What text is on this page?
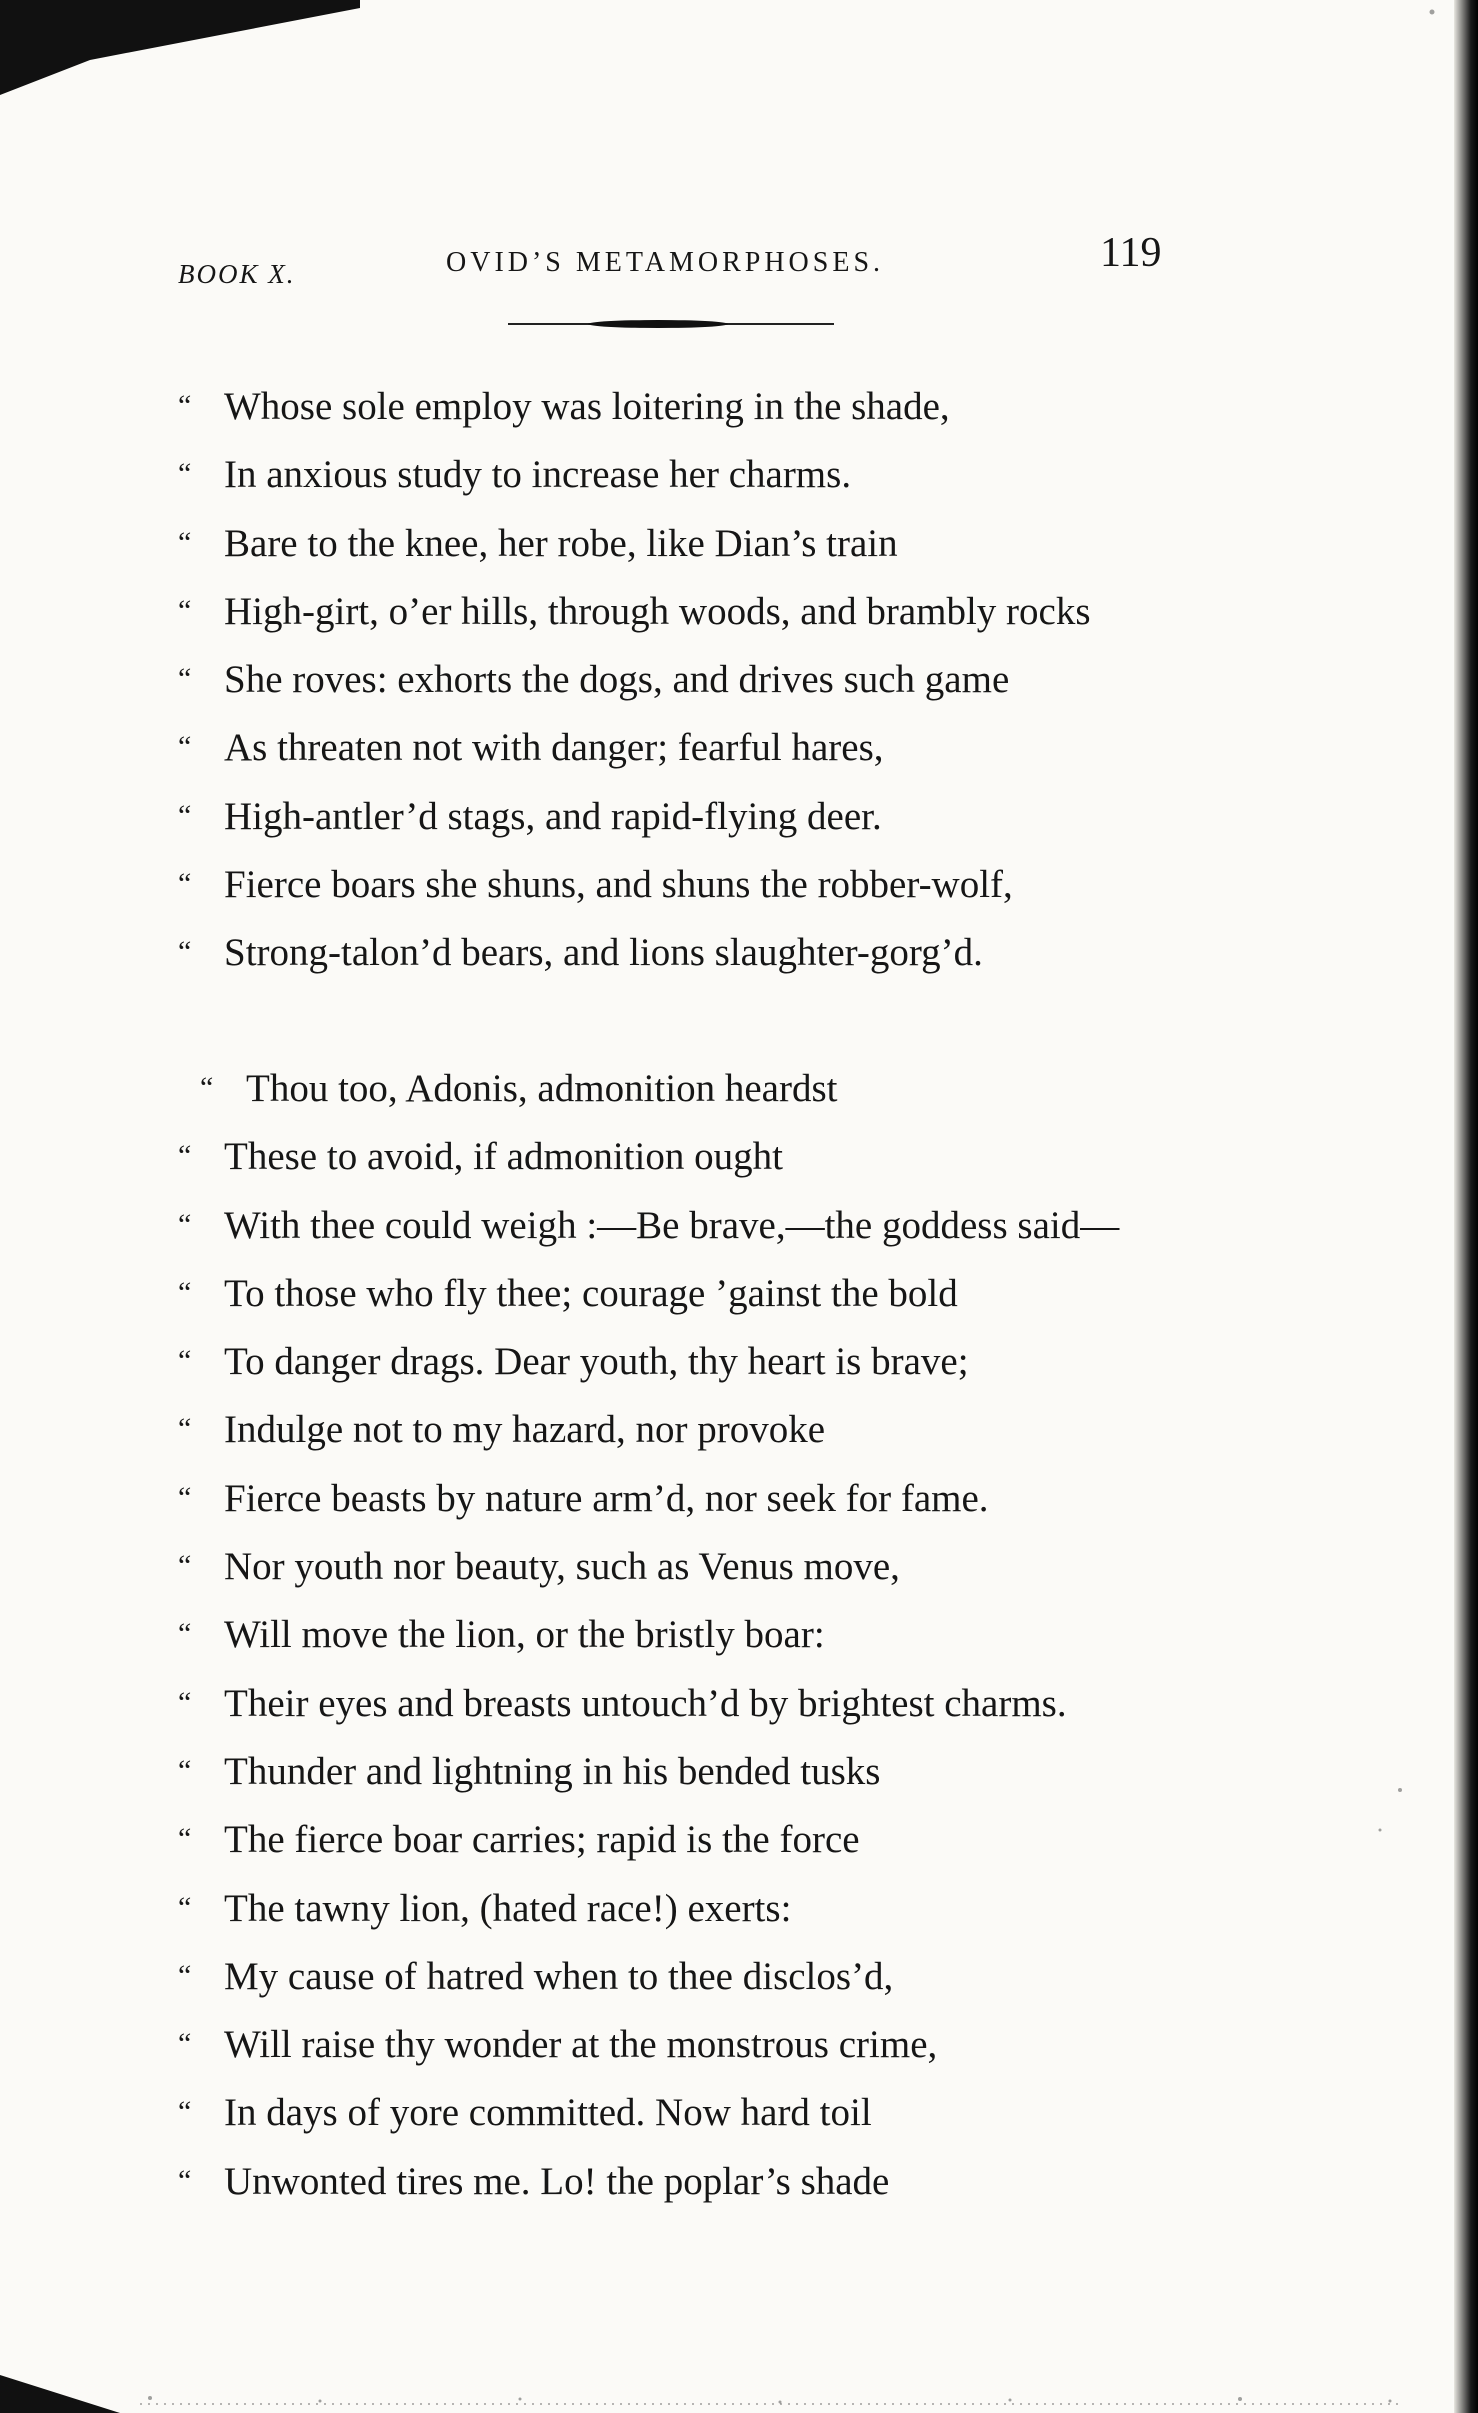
BOOK X.	OVID’S METAMORPHOSES.	119
“ Whose sole employ was loitering in the shade,
“ In anxious study to increase her charms.
“ Bare to the knee, her robe, like Dian’s train
“ High-girt, o’er hills, through woods, and brambly rocks
“ She roves: exhorts the dogs, and drives such game
“ As threaten not with danger; fearful hares,
“ High-antler’d stags, and rapid-flying deer.
“ Fierce boars she shuns, and shuns the robber-wolf,
“ Strong-talon’d bears, and lions slaughter-gorg’d.
“ Thou too, Adonis, admonition heardst
“ These to avoid, if admonition ought
“ With thee could weigh :—Be brave,—the goddess said—
“ To those who fly thee; courage ’gainst the bold
“ To danger drags. Dear youth, thy heart is brave;
“ Indulge not to my hazard, nor provoke
“ Fierce beasts by nature arm’d, nor seek for fame.
“ Nor youth nor beauty, such as Venus move,
“ Will move the lion, or the bristly boar:
“ Their eyes and breasts untouch’d by brightest charms.
“ Thunder and lightning in his bended tusks
“ The fierce boar carries; rapid is the force
“ The tawny lion, (hated race!) exerts:
“ My cause of hatred when to thee disclos’d,
“ Will raise thy wonder at the monstrous crime,
“ In days of yore committed. Now hard toil
“ Unwonted tires me. Lo! the poplar’s shade
